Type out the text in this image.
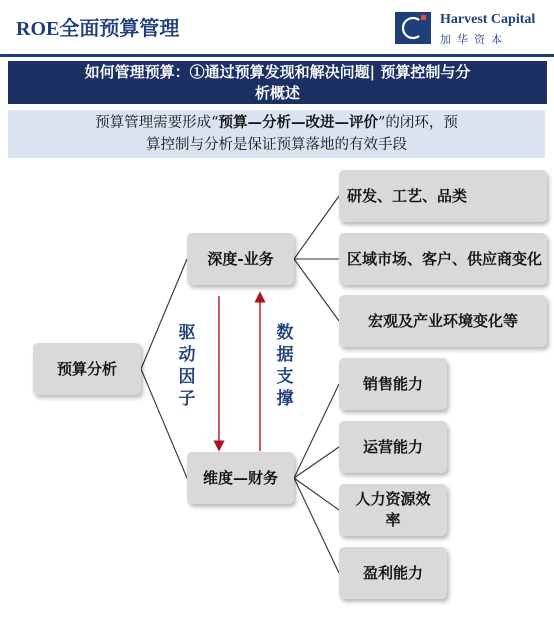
ROE全面预算管理	Harvest Capital
加华资本
如何管理预算：①通过预算发现和解决问题| 预算控制与分
析概述
预算管理需要形成“预算—分析—改进—评价”的闭环，预
算控制与分析是保证预算落地的有效手段
驱动因子
数据支撑
预算分析
深度-业务
维度—财务
研发、工艺、品类
区域市场、客户、供应商变化
宏观及产业环境变化等
销售能力
运营能力
人力资源效率
盈利能力
